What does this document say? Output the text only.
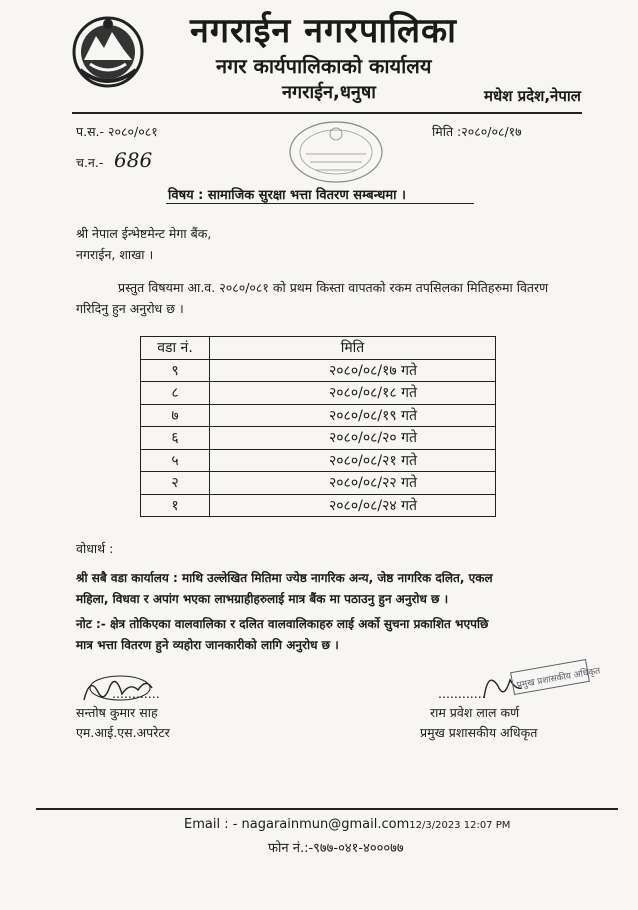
नगराईन नगरपालिका
नगर कार्यपालिकाको कार्यालय
नगराईन,धनुषा	मधेश प्रदेश,नेपाल
प.स.- २०८०/०८१	मिति :२०८०/०८/१७
च.न.- 686
विषय : सामाजिक सुरक्षा भत्ता वितरण सम्बन्धमा ।
श्री नेपाल ईन्भेष्टमेन्ट मेगा बैंक,
नगराईन, शाखा ।
प्रस्तुत विषयमा आ.व. २०८०/०८१ को प्रथम किस्ता वापतको रकम तपसिलका मितिहरुमा वितरण गरिदिनु हुन अनुरोध छ ।
वडा नं.	मिति
९	२०८०/०८/१७ गते
८	२०८०/०८/१८ गते
७	२०८०/०८/१९ गते
६	२०८०/०८/२० गते
५	२०८०/०८/२१ गते
२	२०८०/०८/२२ गते
१	२०८०/०८/२४ गते
वोधार्थ :
श्री सबै वडा कार्यालय : माथि उल्लेखित मितिमा ज्येष्ठ नागरिक अन्य, जेष्ठ नागरिक दलित, एकल
महिला, विधवा र अपांग भएका लाभग्राहीहरुलाई मात्र बैंक मा पठाउनु हुन अनुरोध छ ।
नोट :- क्षेत्र तोकिएका वालवालिका र दलित वालवालिकाहरु लाई अर्को सुचना प्रकाशित भएपछि
मात्र भत्ता वितरण हुने व्यहोरा जानकारीको लागि अनुरोध छ ।
............
सन्तोष कुमार साह
एम.आई.एस.अपरेटर
प्रमुख प्रशासकीय अधिकृत
............
राम प्रवेश लाल कर्ण
प्रमुख प्रशासकीय अधिकृत
Email : - nagarainmun@gmail.com12/3/2023 12:07 PM
फोन नं.:-९७७-०४१-४०००७७
